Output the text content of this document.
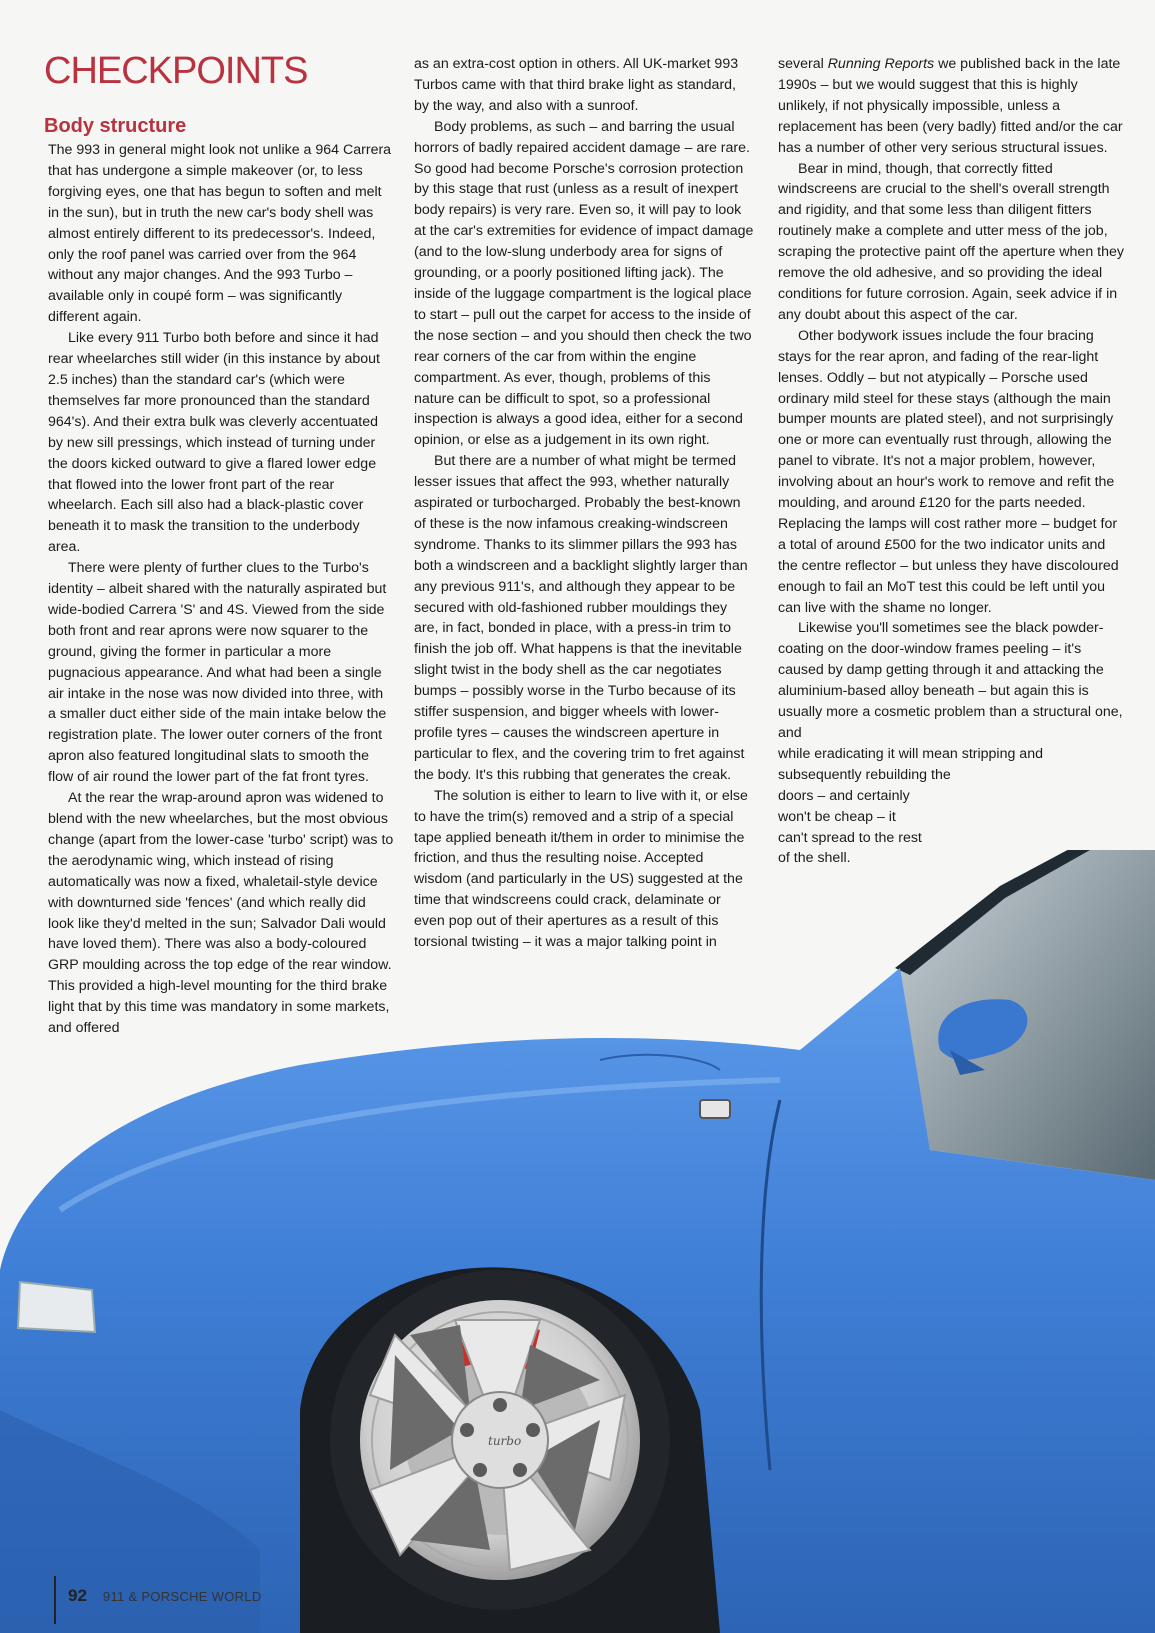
CHECKPOINTS
Body structure

The 993 in general might look not unlike a 964 Carrera that has undergone a simple makeover (or, to less forgiving eyes, one that has begun to soften and melt in the sun), but in truth the new car's body shell was almost entirely different to its predecessor's. Indeed, only the roof panel was carried over from the 964 without any major changes. And the 993 Turbo – available only in coupé form – was significantly different again.

Like every 911 Turbo both before and since it had rear wheelarches still wider (in this instance by about 2.5 inches) than the standard car's (which were themselves far more pronounced than the standard 964's). And their extra bulk was cleverly accentuated by new sill pressings, which instead of turning under the doors kicked outward to give a flared lower edge that flowed into the lower front part of the rear wheelarch. Each sill also had a black-plastic cover beneath it to mask the transition to the underbody area.

There were plenty of further clues to the Turbo's identity – albeit shared with the naturally aspirated but wide-bodied Carrera 'S' and 4S. Viewed from the side both front and rear aprons were now squarer to the ground, giving the former in particular a more pugnacious appearance. And what had been a single air intake in the nose was now divided into three, with a smaller duct either side of the main intake below the registration plate. The lower outer corners of the front apron also featured longitudinal slats to smooth the flow of air round the lower part of the fat front tyres.

At the rear the wrap-around apron was widened to blend with the new wheelarches, but the most obvious change (apart from the lower-case 'turbo' script) was to the aerodynamic wing, which instead of rising automatically was now a fixed, whaletail-style device with downturned side 'fences' (and which really did look like they'd melted in the sun; Salvador Dali would have loved them). There was also a body-coloured GRP moulding across the top edge of the rear window. This provided a high-level mounting for the third brake light that by this time was mandatory in some markets, and offered

as an extra-cost option in others. All UK-market 993 Turbos came with that third brake light as standard, by the way, and also with a sunroof.

Body problems, as such – and barring the usual horrors of badly repaired accident damage – are rare. So good had become Porsche's corrosion protection by this stage that rust (unless as a result of inexpert body repairs) is very rare. Even so, it will pay to look at the car's extremities for evidence of impact damage (and to the low-slung underbody area for signs of grounding, or a poorly positioned lifting jack). The inside of the luggage compartment is the logical place to start – pull out the carpet for access to the inside of the nose section – and you should then check the two rear corners of the car from within the engine compartment. As ever, though, problems of this nature can be difficult to spot, so a professional inspection is always a good idea, either for a second opinion, or else as a judgement in its own right.

But there are a number of what might be termed lesser issues that affect the 993, whether naturally aspirated or turbocharged. Probably the best-known of these is the now infamous creaking-windscreen syndrome. Thanks to its slimmer pillars the 993 has both a windscreen and a backlight slightly larger than any previous 911's, and although they appear to be secured with old-fashioned rubber mouldings they are, in fact, bonded in place, with a press-in trim to finish the job off. What happens is that the inevitable slight twist in the body shell as the car negotiates bumps – possibly worse in the Turbo because of its stiffer suspension, and bigger wheels with lower-profile tyres – causes the windscreen aperture in particular to flex, and the covering trim to fret against the body. It's this rubbing that generates the creak.

The solution is either to learn to live with it, or else to have the trim(s) removed and a strip of a special tape applied beneath it/them in order to minimise the friction, and thus the resulting noise. Accepted wisdom (and particularly in the US) suggested at the time that windscreens could crack, delaminate or even pop out of their apertures as a result of this torsional twisting – it was a major talking point in

several Running Reports we published back in the late 1990s – but we would suggest that this is highly unlikely, if not physically impossible, unless a replacement has been (very badly) fitted and/or the car has a number of other very serious structural issues.

Bear in mind, though, that correctly fitted windscreens are crucial to the shell's overall strength and rigidity, and that some less than diligent fitters routinely make a complete and utter mess of the job, scraping the protective paint off the aperture when they remove the old adhesive, and so providing the ideal conditions for future corrosion. Again, seek advice if in any doubt about this aspect of the car.

Other bodywork issues include the four bracing stays for the rear apron, and fading of the rear-light lenses. Oddly – but not atypically – Porsche used ordinary mild steel for these stays (although the main bumper mounts are plated steel), and not surprisingly one or more can eventually rust through, allowing the panel to vibrate. It's not a major problem, however, involving about an hour's work to remove and refit the moulding, and around £120 for the parts needed. Replacing the lamps will cost rather more – budget for a total of around £500 for the two indicator units and the centre reflector – but unless they have discoloured enough to fail an MoT test this could be left until you can live with the shame no longer.

Likewise you'll sometimes see the black powder-coating on the door-window frames peeling – it's caused by damp getting through it and attacking the aluminium-based alloy beneath – but again this is usually more a cosmetic problem than a structural one, and

while eradicating it will mean stripping and subsequently rebuilding the
doors – and certainly won't be cheap – it can't spread to the rest of the shell.
turbo
92 911 & PORSCHE WORLD
